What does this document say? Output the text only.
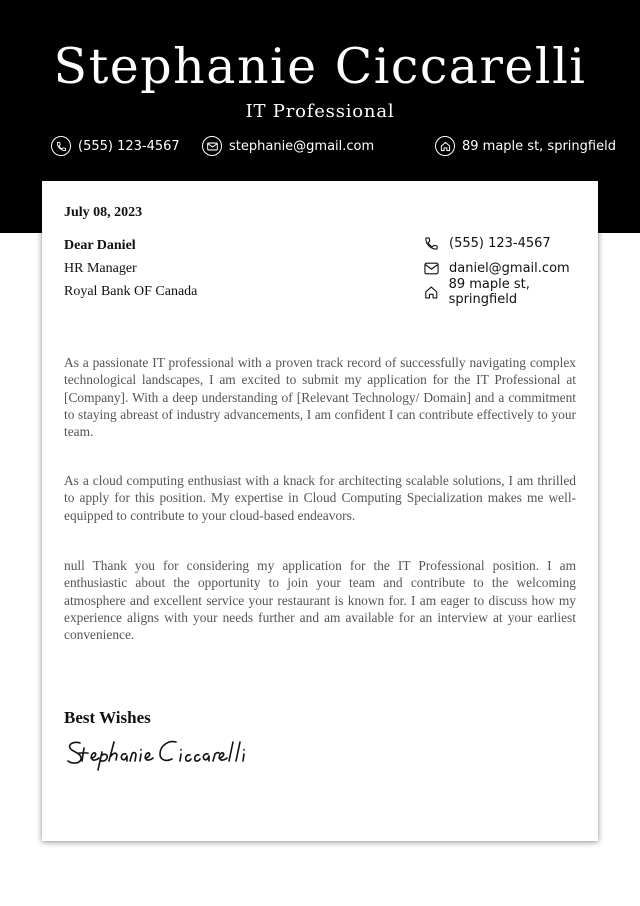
Stephanie Ciccarelli
IT Professional
(555) 123-4567	stephanie@gmail.com	89 maple st, springfield
July 08, 2023
Dear Daniel
HR Manager
Royal Bank OF Canada
(555) 123-4567
daniel@gmail.com
89 maple st, springfield
As a passionate IT professional with a proven track record of successfully navigating complex technological landscapes, I am excited to submit my application for the IT Professional at [Company]. With a deep understanding of [Relevant Technology/ Domain] and a commitment to staying abreast of industry advancements, I am confident I can contribute effectively to your team.
As a cloud computing enthusiast with a knack for architecting scalable solutions, I am thrilled to apply for this position. My expertise in Cloud Computing Specialization makes me well-equipped to contribute to your cloud-based endeavors.
null Thank you for considering my application for the IT Professional position. I am enthusiastic about the opportunity to join your team and contribute to the welcoming atmosphere and excellent service your restaurant is known for. I am eager to discuss how my experience aligns with your needs further and am available for an interview at your earliest convenience.
Best Wishes
